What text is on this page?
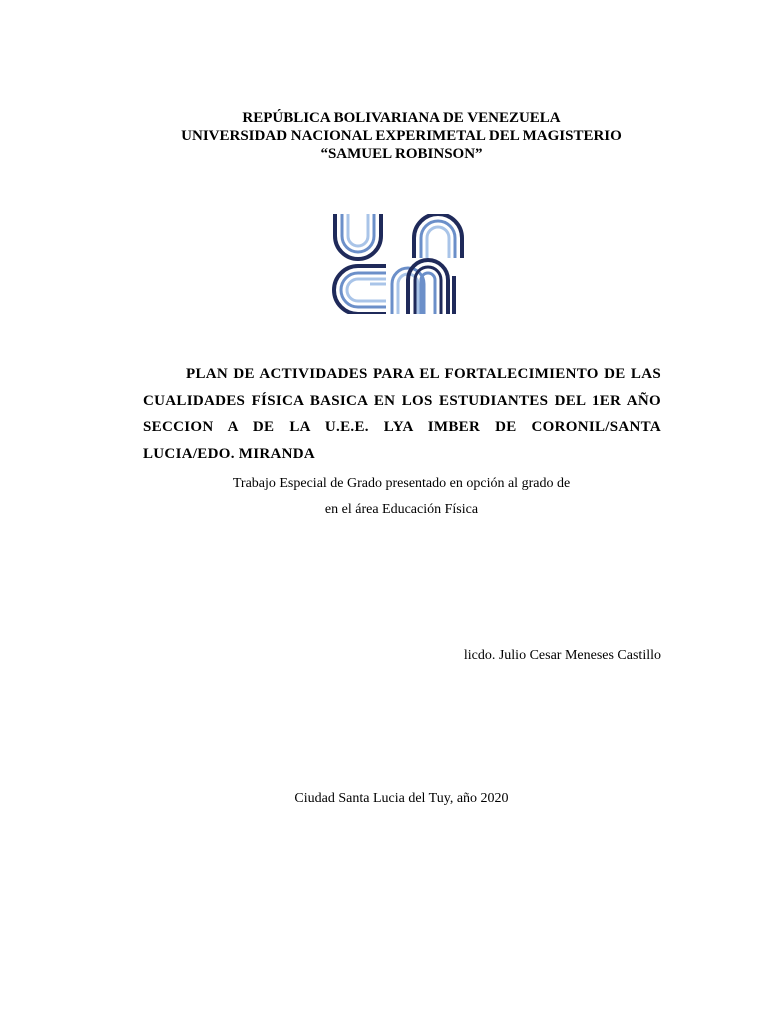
REPÚBLICA BOLIVARIANA DE VENEZUELA
UNIVERSIDAD NACIONAL EXPERIMETAL DEL MAGISTERIO
“SAMUEL ROBINSON”
PLAN DE ACTIVIDADES PARA EL FORTALECIMIENTO DE LAS CUALIDADES FÍSICA BASICA EN LOS ESTUDIANTES DEL 1ER AÑO SECCION A DE LA U.E.E. LYA IMBER DE CORONIL/SANTA LUCIA/EDO. MIRANDA
Trabajo Especial de Grado presentado en opción al grado de
en el área Educación Física
licdo. Julio Cesar Meneses Castillo
Ciudad Santa Lucia del Tuy, año 2020
